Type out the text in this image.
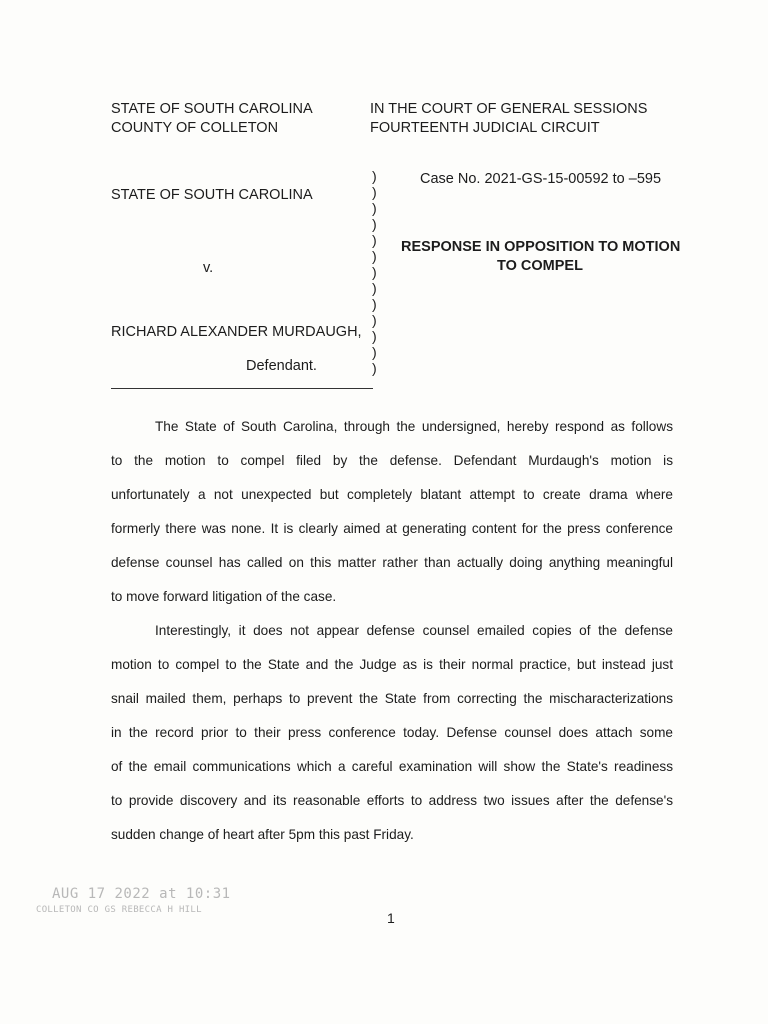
STATE OF SOUTH CAROLINA
COUNTY OF COLLETON
IN THE COURT OF GENERAL SESSIONS
FOURTEENTH JUDICIAL CIRCUIT
STATE OF SOUTH CAROLINA
v.
RICHARD ALEXANDER MURDAUGH,
Defendant.
)
)
)
)
)
)
)
)
)
)
)
)
)
Case No. 2021-GS-15-00592 to –595
RESPONSE IN OPPOSITION TO MOTION
TO COMPEL
The State of South Carolina, through the undersigned, hereby respond as follows
to the motion to compel filed by the defense. Defendant Murdaugh's motion is
unfortunately a not unexpected but completely blatant attempt to create drama where
formerly there was none. It is clearly aimed at generating content for the press conference
defense counsel has called on this matter rather than actually doing anything meaningful
to move forward litigation of the case.
Interestingly, it does not appear defense counsel emailed copies of the defense
motion to compel to the State and the Judge as is their normal practice, but instead just
snail mailed them, perhaps to prevent the State from correcting the mischaracterizations
in the record prior to their press conference today. Defense counsel does attach some
of the email communications which a careful examination will show the State's readiness
to provide discovery and its reasonable efforts to address two issues after the defense's
sudden change of heart after 5pm this past Friday.
AUG 17 2022 at 10:31
COLLETON CO GS REBECCA H HILL	1
